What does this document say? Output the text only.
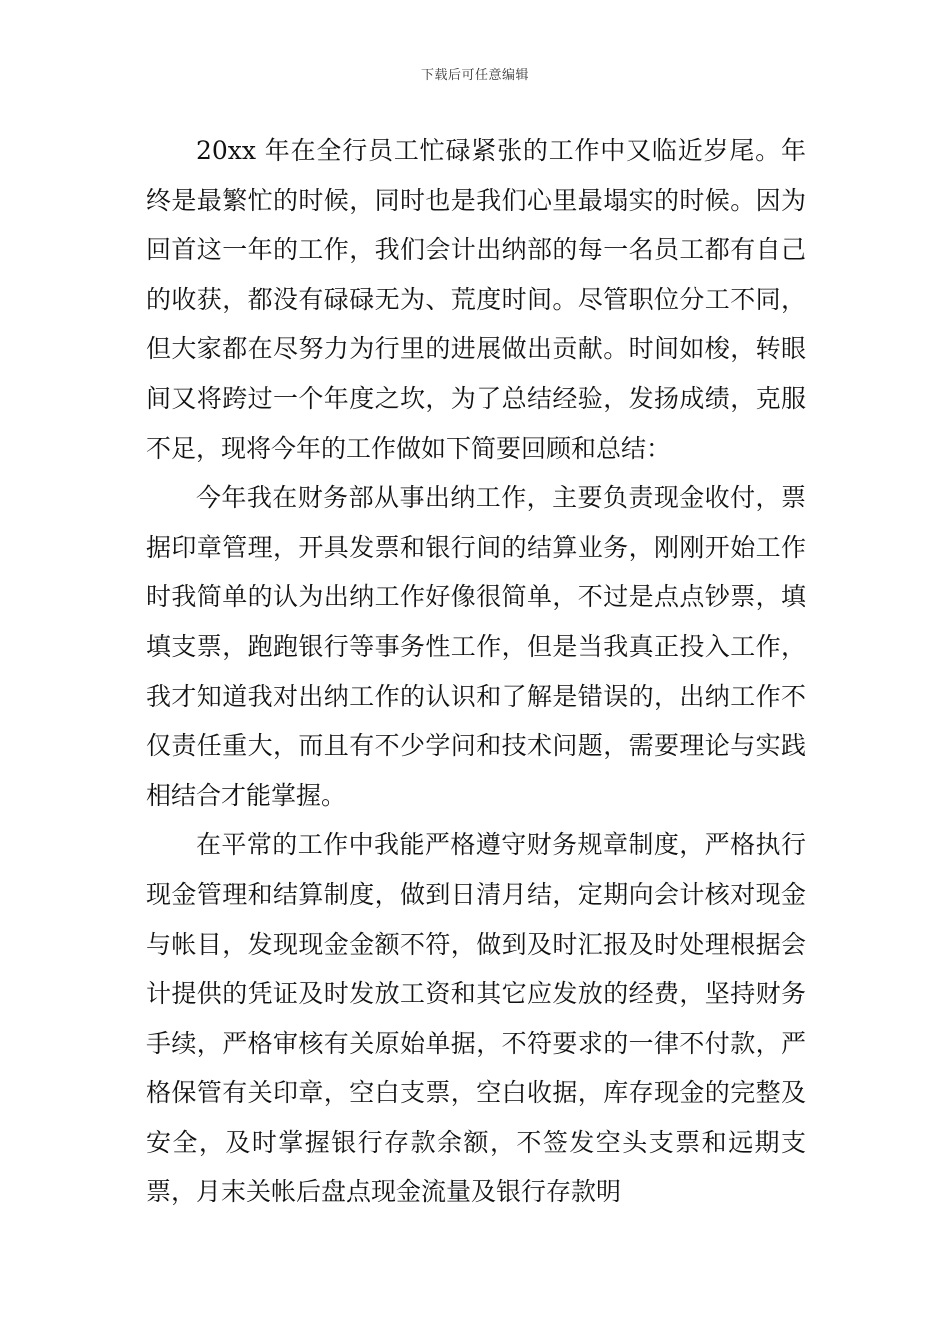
下载后可任意编辑

20xx 年在全行员工忙碌紧张的工作中又临近岁尾。年终是最繁忙的时候，同时也是我们心里最塌实的时候。因为回首这一年的工作，我们会计出纳部的每一名员工都有自己的收获，都没有碌碌无为、荒度时间。尽管职位分工不同，但大家都在尽努力为行里的进展做出贡献。时间如梭，转眼间又将跨过一个年度之坎，为了总结经验，发扬成绩，克服不足，现将今年的工作做如下简要回顾和总结：

今年我在财务部从事出纳工作，主要负责现金收付，票据印章管理，开具发票和银行间的结算业务，刚刚开始工作时我简单的认为出纳工作好像很简单，不过是点点钞票，填填支票，跑跑银行等事务性工作，但是当我真正投入工作，我才知道我对出纳工作的认识和了解是错误的，出纳工作不仅责任重大，而且有不少学问和技术问题，需要理论与实践相结合才能掌握。

在平常的工作中我能严格遵守财务规章制度，严格执行现金管理和结算制度，做到日清月结，定期向会计核对现金与帐目，发现现金金额不符，做到及时汇报及时处理根据会计提供的凭证及时发放工资和其它应发放的经费，坚持财务手续，严格审核有关原始单据，不符要求的一律不付款，严格保管有关印章，空白支票，空白收据，库存现金的完整及安全，及时掌握银行存款余额，不签发空头支票和远期支票，月末关帐后盘点现金流量及银行存款明
